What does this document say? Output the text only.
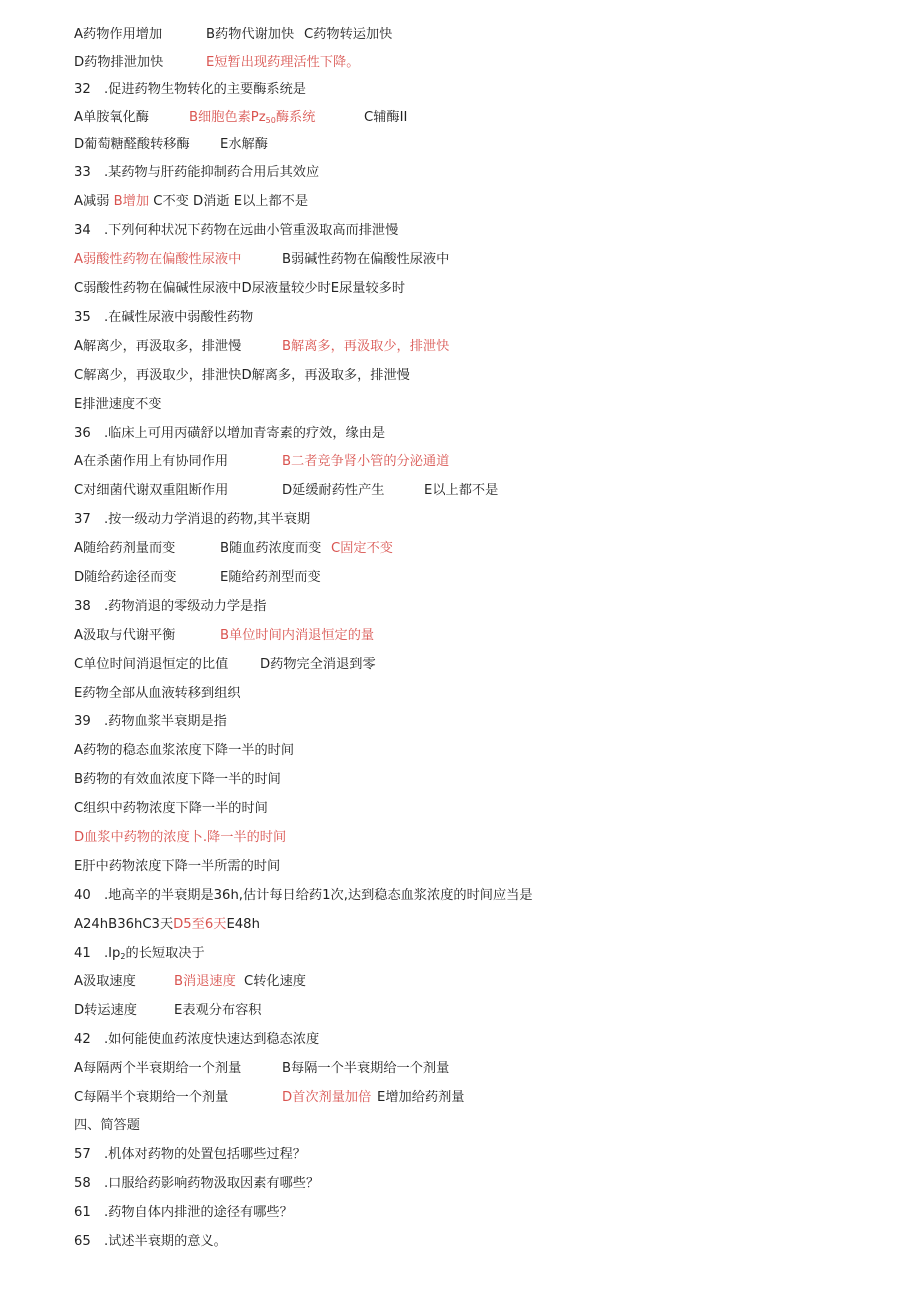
A药物作用增加	B药物代谢加快 C药物转运加快
D药物排泄加快	E短暂出现药理活性下降。
32　.促进药物生物转化的主要酶系统是
A单胺氧化酶	B细胞色素$Pz_{50}$酶系统	C辅酶II
D葡萄糖醛酸转移酶 E水解酶
33　.某药物与肝药能抑制药合用后其效应
A减弱 B增加 C不变 D消逝 E以上都不是
34　.下列何种状况下药物在远曲小管重汲取高而排泄慢
A弱酸性药物在偏酸性尿液中	B弱碱性药物在偏酸性尿液中
C弱酸性药物在偏碱性尿液中D尿液量较少时E尿量较多时
35　.在碱性尿液中弱酸性药物
A解离少，再汲取多，排泄慢	B解离多，再汲取少，排泄快
C解离少，再汲取少，排泄快D解离多，再汲取多，排泄慢
E排泄速度不变
36　.临床上可用丙磺舒以增加青寄素的疗效，缘由是
A在杀菌作用上有协同作用	B二者竞争肾小管的分泌通道
C对细菌代谢双重阻断作用	D延缓耐药性产生	E以上都不是
37　.按一级动力学消退的药物,其半衰期
A随给药剂量而变	B随血药浓度而变 C固定不变
D随给药途径而变	E随给药剂型而变
38　.药物消退的零级动力学是指
A汲取与代谢平衡	B单位时间内消退恒定的量
C单位时间消退恒定的比值 D药物完全消退到零
E药物全部从血液转移到组织
39　.药物血浆半衰期是指
A药物的稳态血浆浓度下降一半的时间
B药物的有效血浓度下降一半的时间
C组织中药物浓度下降一半的时间
D血浆中药物的浓度卜.降一半的时间
E肝中药物浓度下降一半所需的时间
40　.地高辛的半衰期是36h,估计每日给药1次,达到稳态血浆浓度的时间应当是
A24hB36hC3天D5至6天E48h
41　$.Ip_2$的长短取决于
A汲取速度	B消退速度 C转化速度
D转运速度	E表观分布容积
42　.如何能使血药浓度快速达到稳态浓度
A每隔两个半衰期给一个剂量	B每隔一个半衰期给一个剂量
C每隔半个衰期给一个剂量	D首次剂量加倍 E增加给药剂量
四、简答题
57　.机体对药物的处置包括哪些过程？
58　.口服给药影响药物汲取因素有哪些？
61　.药物自体内排泄的途径有哪些？
65　.试述半衰期的意义。
